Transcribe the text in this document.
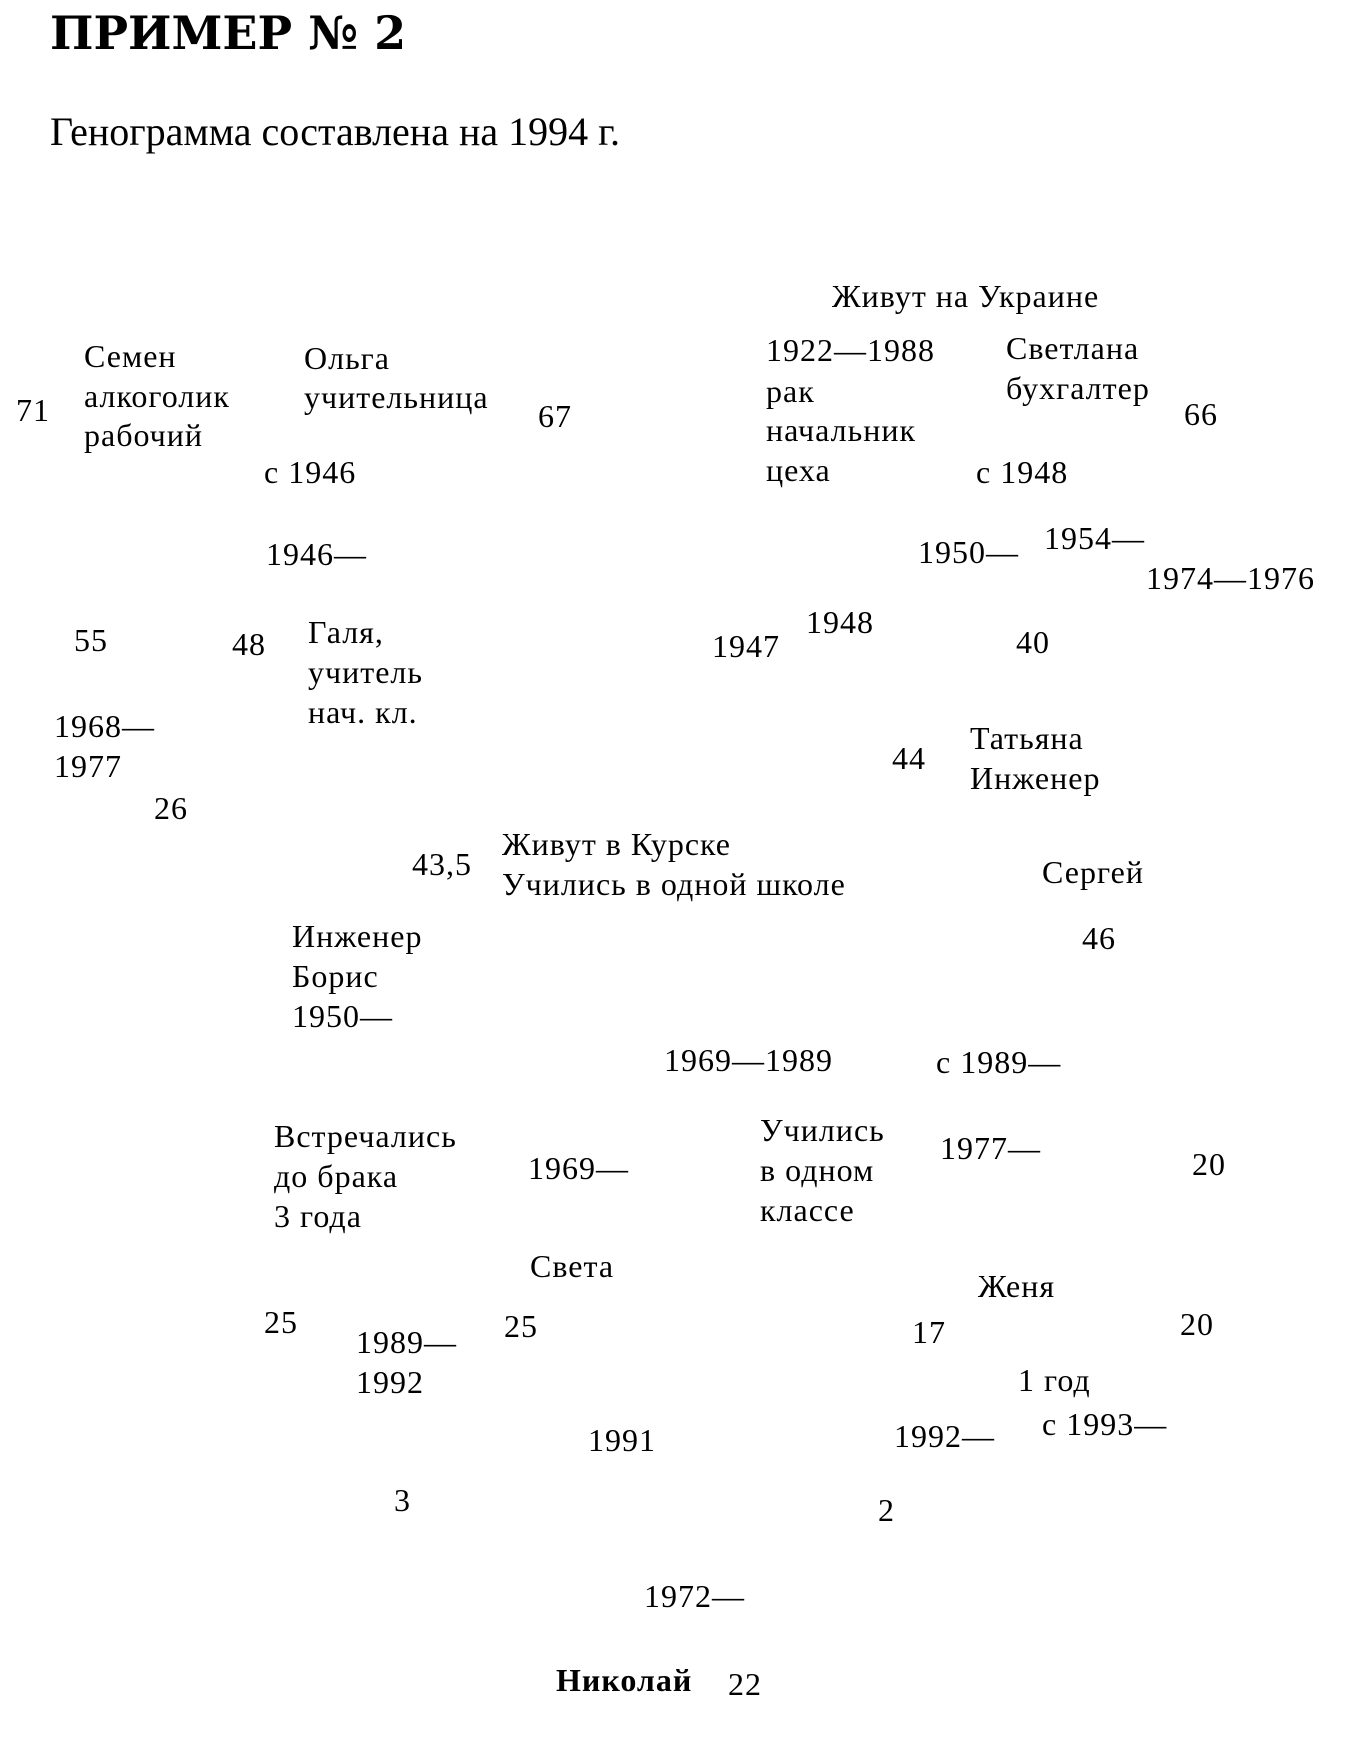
ПРИМЕР № 2
Генограмма составлена на 1994 г.
Живут на Украине
71
Семен
алкоголик
рабочий
Ольга
учительница
67
1922—1988
рак
начальник
цеха
Светлана
бухгалтер
66
с 1946	с 1948
1946—	1950— 1954—
1974—1976
55	48 Галя,
учитель
нач. кл.
1947
1948
40
1968—
1977
26
44
Татьяна
Инженер
43,5
Живут в Курске
Учились в одной школе	Сергей
Инженер
Борис
1950—
46
1969—1989	с 1989—
Встречались
до брака
3 года
1969—
Учились
в одном
классе
1977—	20
Света
Женя
25
1989—
1992
25	17	20
1 год
1991	1992— с 1993—
3	2
1972—
Николай 22
